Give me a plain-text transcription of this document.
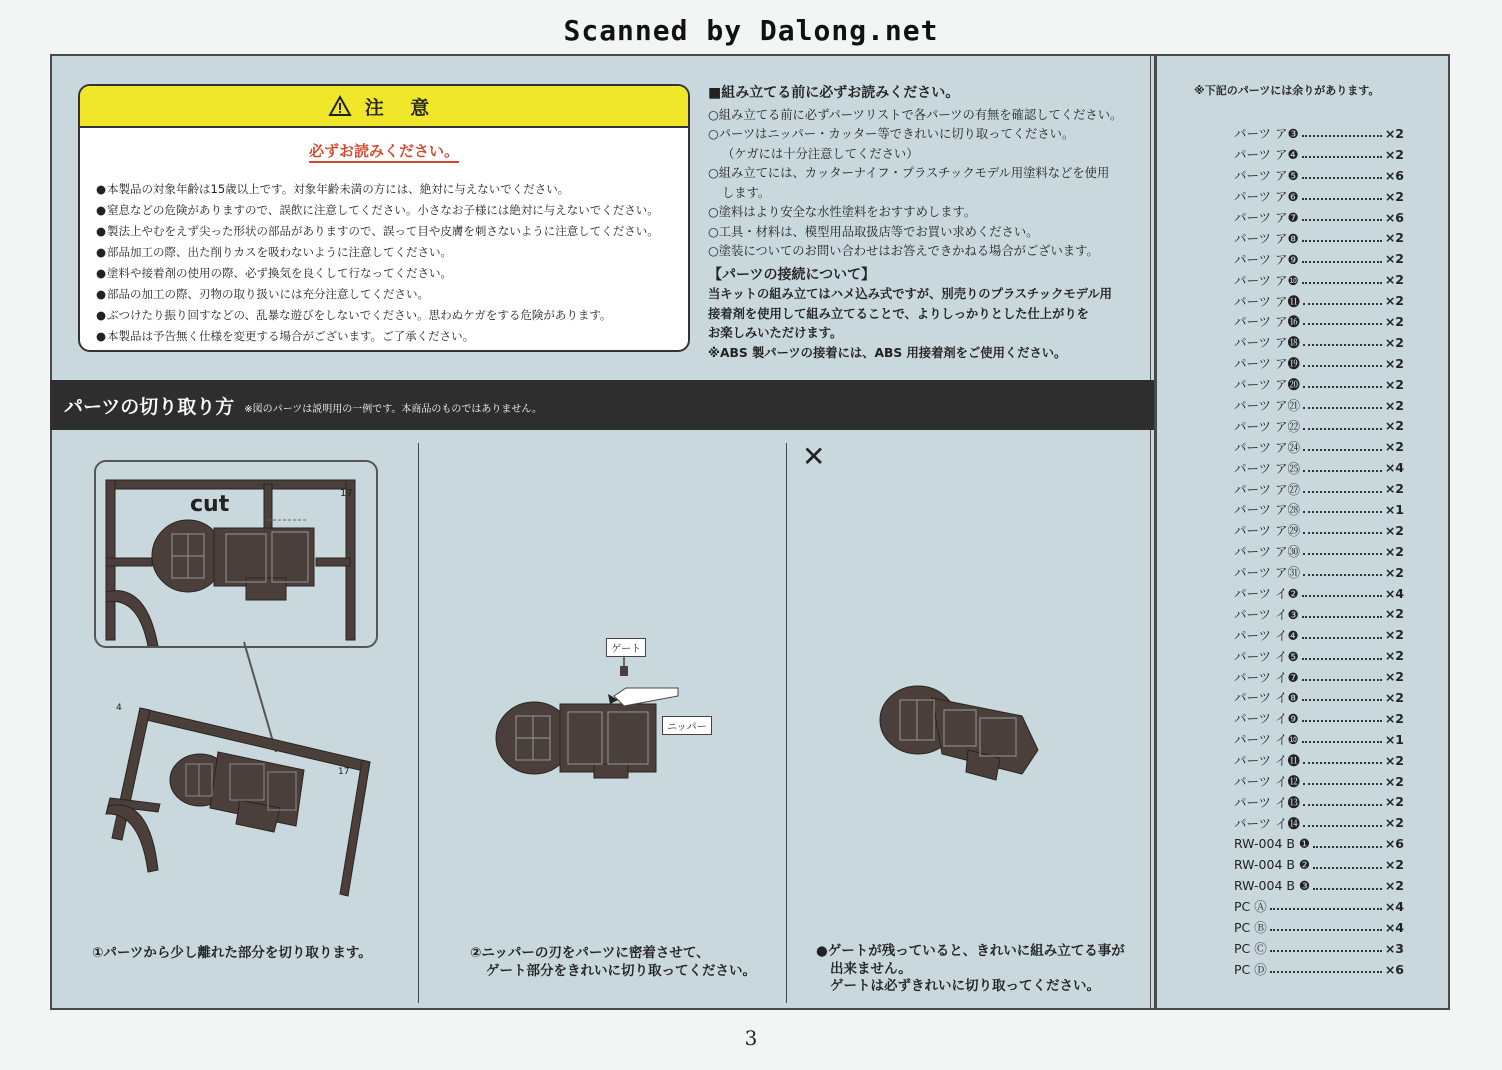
Scanned by Dalong.net
注 意
必ずお読みください。
● 本製品の対象年齢は15歳以上です。対象年齢未満の方には、絶対に与えないでください。
● 窒息などの危険がありますので、誤飲に注意してください。小さなお子様には絶対に与えないでください。
● 製法上やむをえず尖った形状の部品がありますので、誤って目や皮膚を刺さないように注意してください。
● 部品加工の際、出た削りカスを吸わないように注意してください。
● 塗料や接着剤の使用の際、必ず換気を良くして行なってください。
● 部品の加工の際、刃物の取り扱いには充分注意してください。
● ぶつけたり振り回すなどの、乱暴な遊びをしないでください。思わぬケガをする危険があります。
● 本製品は予告無く仕様を変更する場合がございます。ご了承ください。
■組み立てる前に必ずお読みください。
○組み立てる前に必ずパーツリストで各パーツの有無を確認してください。
○パーツはニッパー・カッター等できれいに切り取ってください。
（ケガには十分注意してください）
○組み立てには、カッターナイフ・プラスチックモデル用塗料などを使用
します。
○塗料はより安全な水性塗料をおすすめします。
○工具・材料は、模型用品取扱店等でお買い求めください。
○塗装についてのお問い合わせはお答えできかねる場合がございます。
【パーツの接続について】
当キットの組み立てはハメ込み式ですが、別売りのプラスチックモデル用
接着剤を使用して組み立てることで、よりしっかりとした仕上がりを
お楽しみいただけます。
※ABS 製パーツの接着には、ABS 用接着剤をご使用ください。
※下記のパーツには余りがあります。
パーツ ア❸	×2
パーツ ア❹	×2
パーツ ア❺	×6
パーツ ア❻	×2
パーツ ア❼	×6
パーツ ア❽	×2
パーツ ア❾	×2
パーツ ア❿	×2
パーツ ア⓫	×2
パーツ ア⓰	×2
パーツ ア⓲	×2
パーツ ア⓳	×2
パーツ ア⓴	×2
パーツ ア㉑	×2
パーツ ア㉒	×2
パーツ ア㉔	×2
パーツ ア㉕	×4
パーツ ア㉗	×2
パーツ ア㉘	×1
パーツ ア㉙	×2
パーツ ア㉚	×2
パーツ ア㉛	×2
パーツ イ❷	×4
パーツ イ❸	×2
パーツ イ❹	×2
パーツ イ❺	×2
パーツ イ❼	×2
パーツ イ❽	×2
パーツ イ❾	×2
パーツ イ❿	×1
パーツ イ⓫	×2
パーツ イ⓬	×2
パーツ イ⓭	×2
パーツ イ⓮	×2
RW-004 B ❶	×6
RW-004 B ❷	×2
RW-004 B ❸	×2
PC Ⓐ	×4
PC Ⓑ	×4
PC Ⓒ	×3
PC Ⓓ	×6
パーツの切り取り方 ※図のパーツは説明用の一例です。本商品のものではありません。
cut	17
4
17
①パーツから少し離れた部分を切り取ります。
ゲート
ニッパー
②ニッパーの刃をパーツに密着させて、
ゲート部分をきれいに切り取ってください。
✕
●ゲートが残っていると、きれいに組み立てる事が
出来ません。
ゲートは必ずきれいに切り取ってください。
3
